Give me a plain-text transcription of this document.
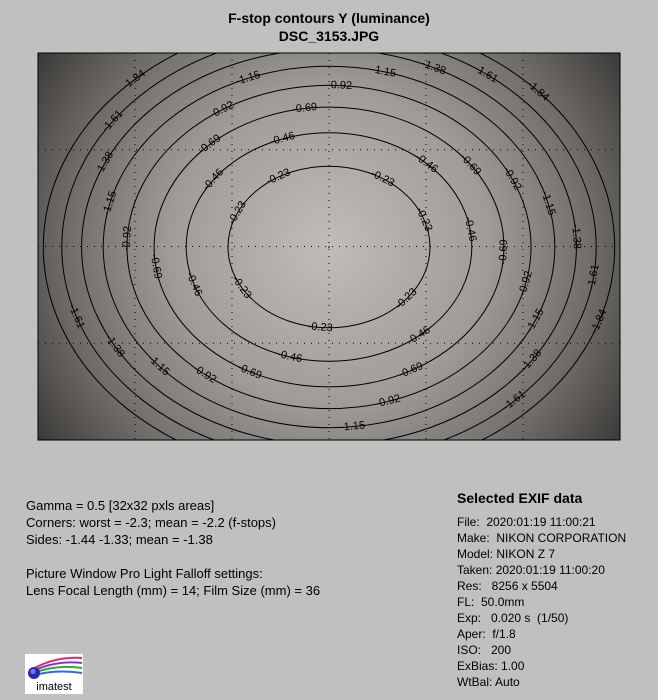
F-stop contours Y (luminance)
DSC_3153.JPG
-0.23
-0.23
-0.23
-0.23
-0.23
-0.23
-0.23
-0.46
-0.46
-0.46
-0.46
-0.46
-0.46
-0.46
-0.69
-0.69
-0.69
-0.69
-0.69
-0.69
-0.69
-0.92
-0.92
-0.92
-0.92
-0.92
-0.92
-0.92
-1.15
-1.15
-1.15
-1.15
-1.15
-1.15
-1.15
-1.38
-1.38
-1.38
-1.38
-1.38
-1.61
-1.61
-1.61
-1.61
-1.61
-1.84
-1.84	-1.84
Gamma = 0.5 [32x32 pxls areas]
Corners: worst = -2.3; mean = -2.2 (f-stops)
Sides: -1.44 -1.33; mean = -1.38
Picture Window Pro Light Falloff settings:
Lens Focal Length (mm) = 14; Film Size (mm) = 36
Selected EXIF data
File:  2020:01:19 11:00:21
Make:  NIKON CORPORATION
Model: NIKON Z 7
Taken: 2020:01:19 11:00:20
Res:   8256 x 5504
FL:  50.0mm
Exp:   0.020 s  (1/50)
Aper:  f/1.8
ISO:   200
ExBias: 1.00
WtBal: Auto
imatest
